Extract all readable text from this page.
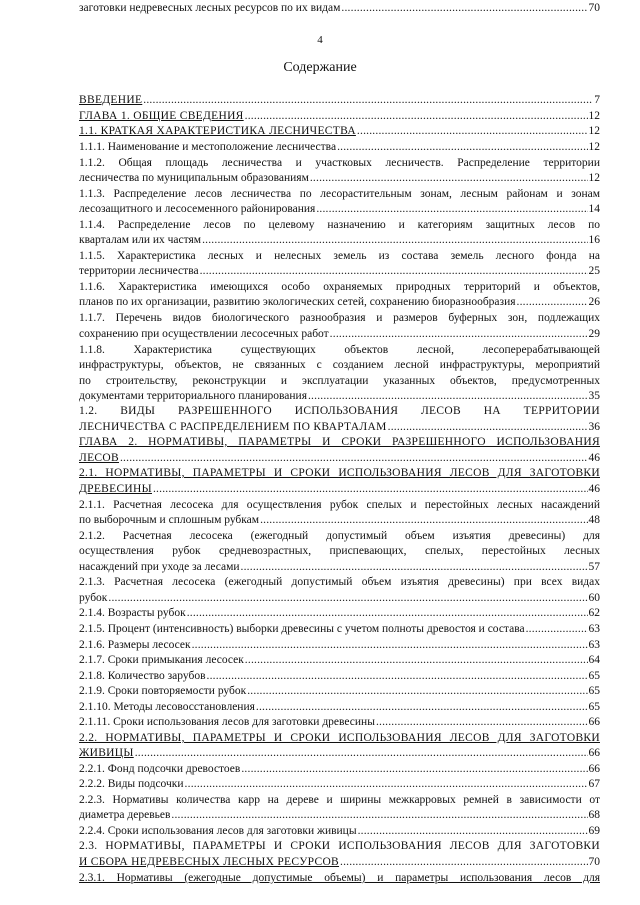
4
Содержание
ВВЕДЕНИЕ .....	7
ГЛАВА 1. ОБЩИЕ СВЕДЕНИЯ .....	12
1.1. КРАТКАЯ ХАРАКТЕРИСТИКА ЛЕСНИЧЕСТВА .....	12
1.1.1. Наименование и местоположение лесничества .....	12
1.1.2. Общая площадь лесничества и участковых лесничеств. Распределение территории
лесничества по муниципальным образованиям .....	12
1.1.3. Распределение лесов лесничества по лесорастительным зонам, лесным районам и зонам
лесозащитного и лесосеменного районирования .....	14
1.1.4. Распределение лесов по целевому назначению и категориям защитных лесов по
кварталам или их частям .....	16
1.1.5. Характеристика лесных и нелесных земель из состава земель лесного фонда на
территории лесничества .....	25
1.1.6. Характеристика имеющихся особо охраняемых природных территорий и объектов,
планов по их организации, развитию экологических сетей, сохранению биоразнообразия .....	26
1.1.7. Перечень видов биологического разнообразия и размеров буферных зон, подлежащих
сохранению при осуществлении лесосечных работ .....	29
1.1.8. Характеристика существующих объектов лесной, лесоперерабатывающей
инфраструктуры, объектов, не связанных с созданием лесной инфраструктуры, мероприятий
по строительству, реконструкции и эксплуатации указанных объектов, предусмотренных
документами территориального планирования .....	35
1.2. ВИДЫ РАЗРЕШЕННОГО ИСПОЛЬЗОВАНИЯ ЛЕСОВ НА ТЕРРИТОРИИ
ЛЕСНИЧЕСТВА С РАСПРЕДЕЛЕНИЕМ ПО КВАРТАЛАМ .....	36
ГЛАВА 2. НОРМАТИВЫ, ПАРАМЕТРЫ И СРОКИ РАЗРЕШЕННОГО ИСПОЛЬЗОВАНИЯ
ЛЕСОВ .....	46
2.1. НОРМАТИВЫ, ПАРАМЕТРЫ И СРОКИ ИСПОЛЬЗОВАНИЯ ЛЕСОВ ДЛЯ ЗАГОТОВКИ
ДРЕВЕСИНЫ .....	46
2.1.1. Расчетная лесосека для осуществления рубок спелых и перестойных лесных насаждений
по выборочным и сплошным рубкам .....	48
2.1.2. Расчетная лесосека (ежегодный допустимый объем изъятия древесины) для
осуществления рубок средневозрастных, приспевающих, спелых, перестойных лесных
насаждений при уходе за лесами .....	57
2.1.3. Расчетная лесосека (ежегодный допустимый объем изъятия древесины) при всех видах
рубок .....	60
2.1.4. Возрасты рубок .....	62
2.1.5. Процент (интенсивность) выборки древесины с учетом полноты древостоя и состава .....	63
2.1.6. Размеры лесосек .....	63
2.1.7. Сроки примыкания лесосек .....	64
2.1.8. Количество зарубов .....	65
2.1.9. Сроки повторяемости рубок .....	65
2.1.10. Методы лесовосстановления .....	65
2.1.11. Сроки использования лесов для заготовки древесины .....	66
2.2. НОРМАТИВЫ, ПАРАМЕТРЫ И СРОКИ ИСПОЛЬЗОВАНИЯ ЛЕСОВ ДЛЯ ЗАГОТОВКИ
ЖИВИЦЫ .....	66
2.2.1. Фонд подсочки древостоев .....	66
2.2.2. Виды подсочки .....	67
2.2.3. Нормативы количества карр на дереве и ширины межкарровых ремней в зависимости от
диаметра деревьев .....	68
2.2.4. Сроки использования лесов для заготовки живицы .....	69
2.3. НОРМАТИВЫ, ПАРАМЕТРЫ И СРОКИ ИСПОЛЬЗОВАНИЯ ЛЕСОВ ДЛЯ ЗАГОТОВКИ
И СБОРА НЕДРЕВЕСНЫХ ЛЕСНЫХ РЕСУРСОВ .....	70
2.3.1. Нормативы (ежегодные допустимые объемы) и параметры использования лесов для
заготовки недревесных лесных ресурсов по их видам .....	70
